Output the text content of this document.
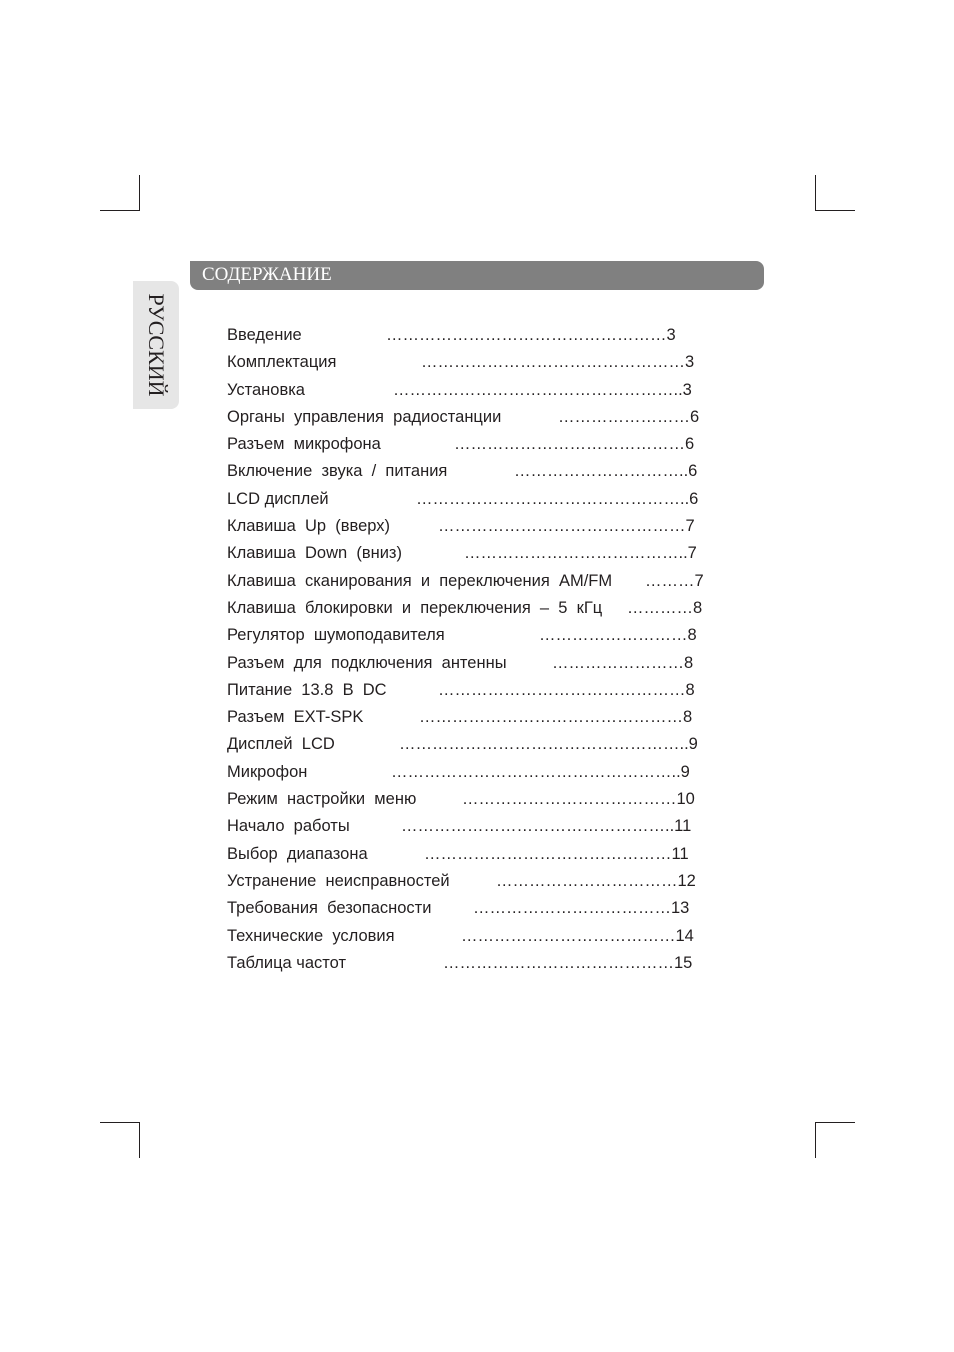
РУССКИЙ
СОДЕРЖАНИЕ
Введение	……………………………………………3
Комплектация	…………………………………………3
Установка	……………………………………………..3
Органы  управления  радиостанции	……………………6
Разъем  микрофона	……………………………………6
Включение  звука  /  питания	…………………………..6
LCD дисплей	…………………………………………..6
Клавиша  Up  (вверх)	………………………………………7
Клавиша  Down  (вниз)	…………………………………..7
Клавиша  сканирования  и  переключения  AM/FM ………7
Клавиша  блокировки  и  переключения  –  5  кГц …………8
Регулятор  шумоподавителя	………………………8
Разъем  для  подключения  антенны	……………………8
Питание  13.8  В  DC	………………………………………8
Разъем  EXT-SPK	…………………………………………8
Дисплей  LCD	……………………………………………..9
Микрофон	……………………………………………..9
Режим  настройки  меню	…………………………………10
Начало  работы	…………………………………………..11
Выбор  диапазона	………………………………………11
Устранение  неисправностей	……………………………12
Требования  безопасности	………………………………13
Технические  условия	…………………………………14
Таблица частот	……………………………………15
